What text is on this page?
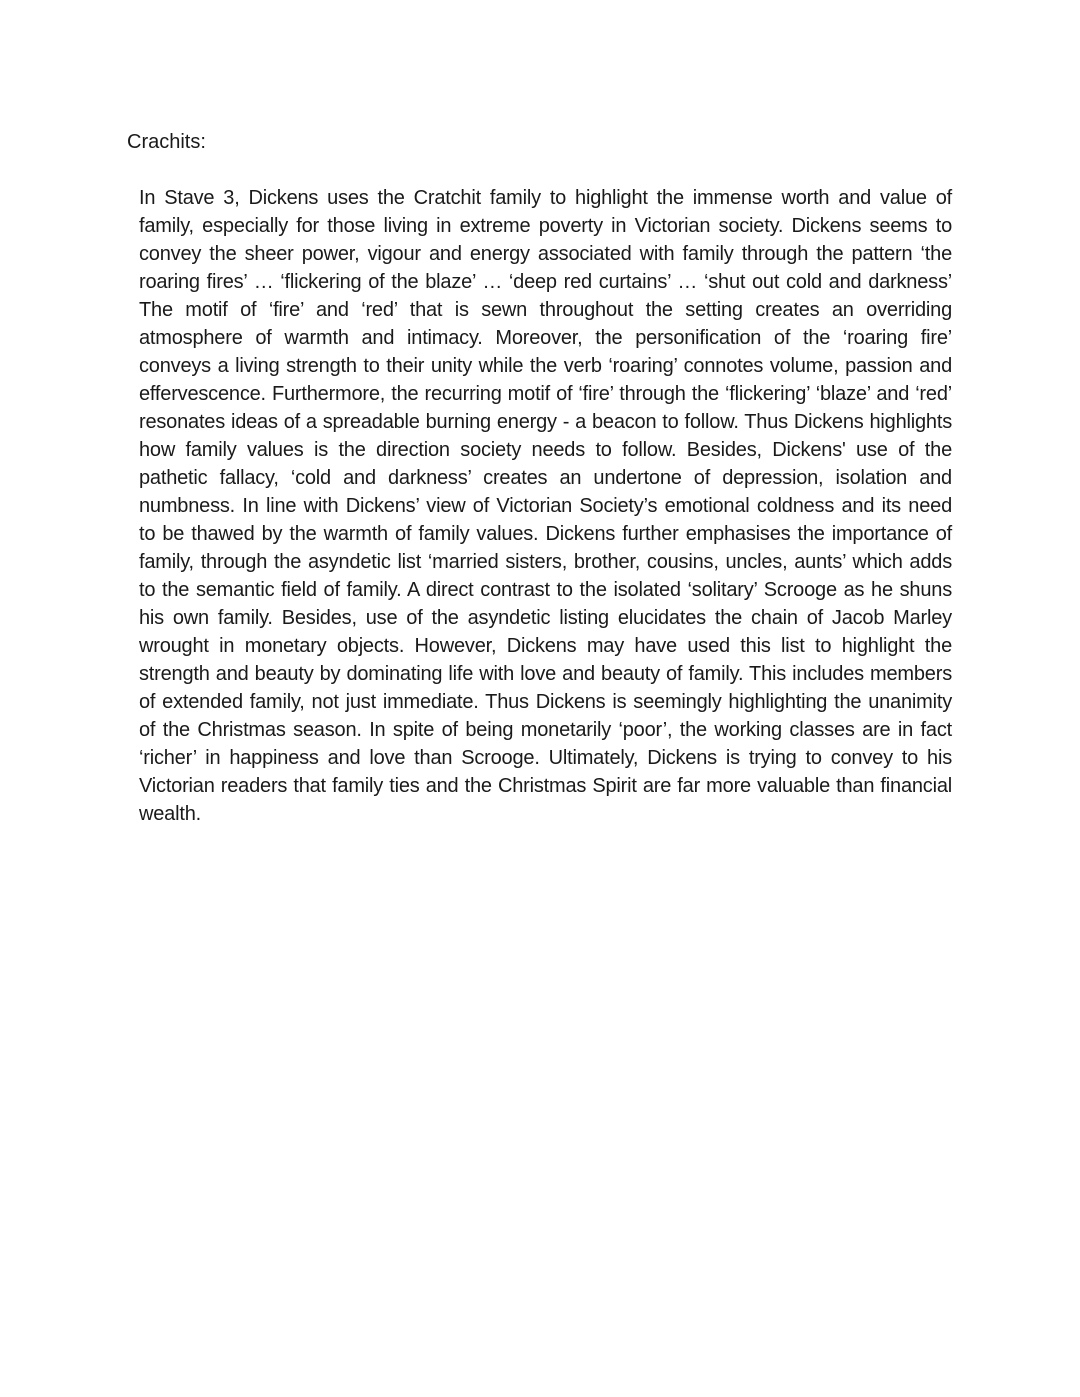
Crachits:

In Stave 3, Dickens uses the Cratchit family to highlight the immense worth and value of family, especially for those living in extreme poverty in Victorian society. Dickens seems to convey the sheer power, vigour and energy associated with family through the pattern ‘the roaring fires’ … ‘flickering of the blaze’ … ‘deep red curtains’ … ‘shut out cold and darkness’ The motif of ‘fire’ and ‘red’ that is sewn throughout the setting creates an overriding atmosphere of warmth and intimacy. Moreover, the personification of the ‘roaring fire’ conveys a living strength to their unity while the verb ‘roaring’ connotes volume, passion and effervescence. Furthermore, the recurring motif of ‘fire’ through the ‘flickering’ ‘blaze’ and ‘red’ resonates ideas of a spreadable burning energy - a beacon to follow. Thus Dickens highlights how family values is the direction society needs to follow. Besides, Dickens' use of the pathetic fallacy, ‘cold and darkness’ creates an undertone of depression, isolation and numbness. In line with Dickens’ view of Victorian Society’s emotional coldness and its need to be thawed by the warmth of family values. Dickens further emphasises the importance of family, through the asyndetic list ‘married sisters, brother, cousins, uncles, aunts’ which adds to the semantic field of family. A direct contrast to the isolated ‘solitary’ Scrooge as he shuns his own family. Besides, use of the asyndetic listing elucidates the chain of Jacob Marley wrought in monetary objects. However, Dickens may have used this list to highlight the strength and beauty by dominating life with love and beauty of family. This includes members of extended family, not just immediate. Thus Dickens is seemingly highlighting the unanimity of the Christmas season. In spite of being monetarily ‘poor’, the working classes are in fact ‘richer’ in happiness and love than Scrooge. Ultimately, Dickens is trying to convey to his Victorian readers that family ties and the Christmas Spirit are far more valuable than financial wealth.
